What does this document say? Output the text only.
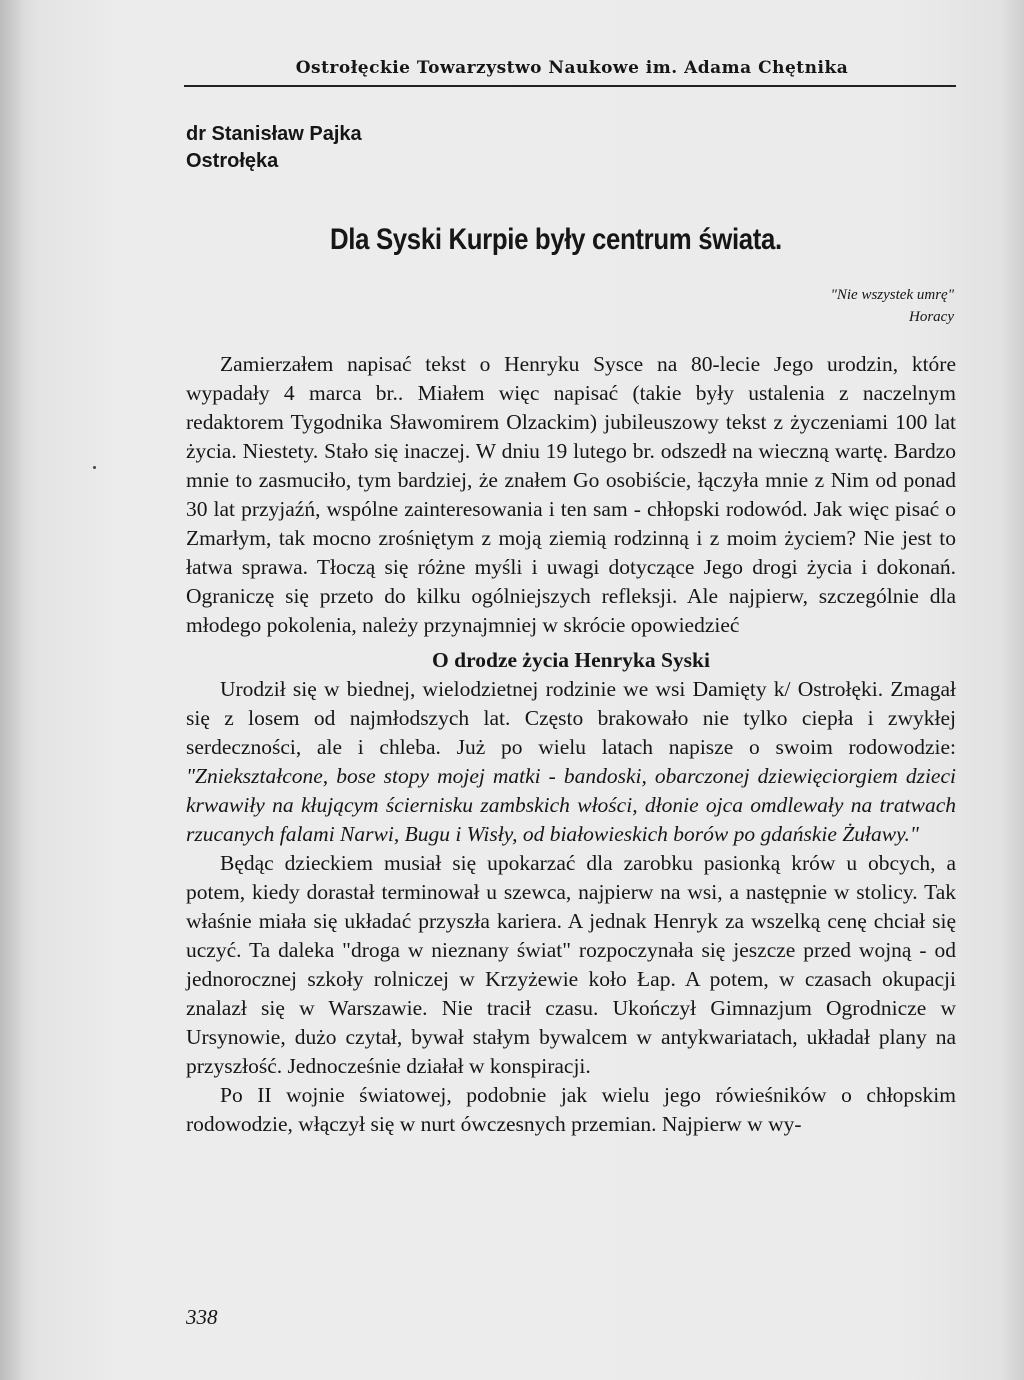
Ostrołęckie Towarzystwo Naukowe im. Adama Chętnika
dr Stanisław Pajka
Ostrołęka
Dla Syski Kurpie były centrum świata.
"Nie wszystek umrę"
Horacy

Zamierzałem napisać tekst o Henryku Sysce na 80-lecie Jego urodzin, które wypadały 4 marca br.. Miałem więc napisać (takie były ustalenia z naczelnym redaktorem Tygodnika Sławomirem Olzackim) jubileuszowy tekst z życzeniami 100 lat życia. Niestety. Stało się inaczej. W dniu 19 lutego br. odszedł na wieczną wartę. Bardzo mnie to zasmuciło, tym bardziej, że znałem Go osobiście, łączyła mnie z Nim od ponad 30 lat przyjaźń, wspólne zainteresowania i ten sam - chłopski rodowód. Jak więc pisać o Zmarłym, tak mocno zrośniętym z moją ziemią rodzinną i z moim życiem? Nie jest to łatwa sprawa. Tłoczą się różne myśli i uwagi dotyczące Jego drogi życia i dokonań. Ograniczę się przeto do kilku ogólniejszych refleksji. Ale najpierw, szczególnie dla młodego pokolenia, należy przynajmniej w skrócie opowiedzieć

O drodze życia Henryka Syski

Urodził się w biednej, wielodzietnej rodzinie we wsi Damięty k/ Ostrołęki. Zmagał się z losem od najmłodszych lat. Często brakowało nie tylko ciepła i zwykłej serdeczności, ale i chleba. Już po wielu latach napisze o swoim rodowodzie: "Zniekształcone, bose stopy mojej matki - bandoski, obarczonej dziewięciorgiem dzieci krwawiły na kłującym ściernisku zambskich włości, dłonie ojca omdlewały na tratwach rzucanych falami Narwi, Bugu i Wisły, od białowieskich borów po gdańskie Żuławy."

Będąc dzieckiem musiał się upokarzać dla zarobku pasionką krów u obcych, a potem, kiedy dorastał terminował u szewca, najpierw na wsi, a następnie w stolicy. Tak właśnie miała się układać przyszła kariera. A jednak Henryk za wszelką cenę chciał się uczyć. Ta daleka "droga w nieznany świat" rozpoczynała się jeszcze przed wojną - od jednorocznej szkoły rolniczej w Krzyżewie koło Łap. A potem, w czasach okupacji znalazł się w Warszawie. Nie tracił czasu. Ukończył Gimnazjum Ogrodnicze w Ursynowie, dużo czytał, bywał stałym bywalcem w antykwariatach, układał plany na przyszłość. Jednocześnie działał w konspiracji.

Po II wojnie światowej, podobnie jak wielu jego rówieśników o chłopskim rodowodzie, włączył się w nurt ówczesnych przemian. Najpierw w wy-

338
